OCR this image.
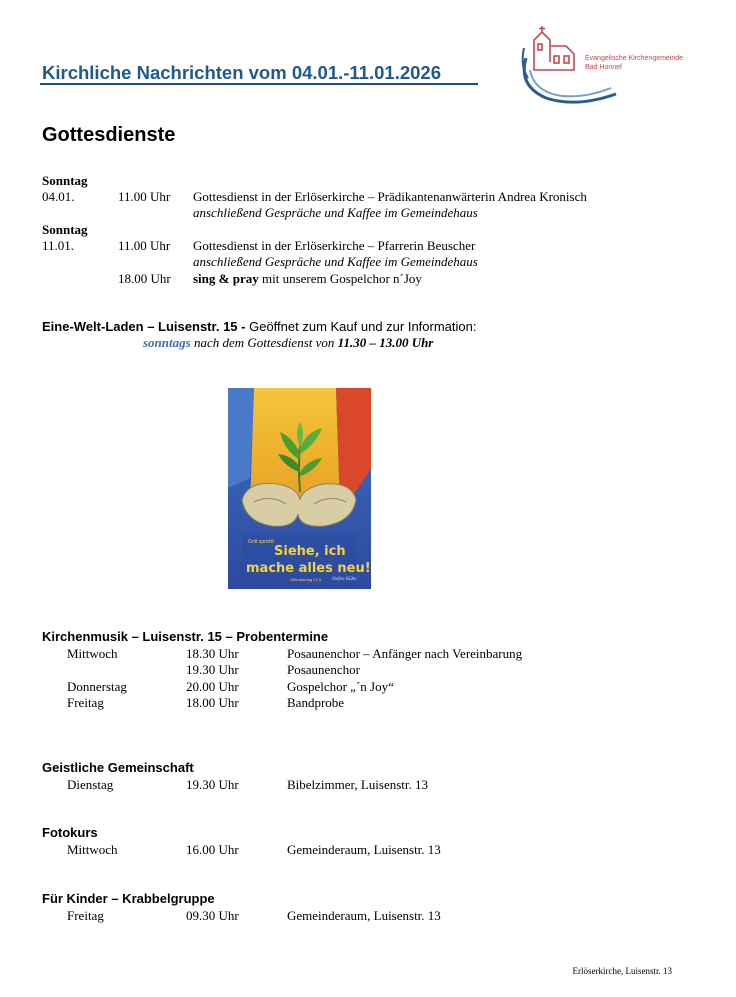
Kirchliche Nachrichten vom 04.01.-11.01.2026
Evangelische Kirchengemeinde
Bad Honnef
Gottesdienste
Sonntag
04.01.	11.00 Uhr Gottesdienst in der Erlöserkirche – Prädikantenanwärterin Andrea Kronisch
anschließend Gespräche und Kaffee im Gemeindehaus
Sonntag
11.01.	11.00 Uhr Gottesdienst in der Erlöserkirche – Pfarrerin Beuscher
anschließend Gespräche und Kaffee im Gemeindehaus
18.00 Uhr sing & pray mit unserem Gospelchor n´Joy
Eine-Welt-Laden – Luisenstr. 15 - Geöffnet zum Kauf und zur Information:
sonntags nach dem Gottesdienst von 11.30 – 13.00 Uhr
Gott spricht:
Siehe, ich
mache alles neu!
Offenbarung 21,5 Stefan Kühn
Kirchenmusik – Luisenstr. 15 – Probentermine
Mittwoch	18.30 Uhr	Posaunenchor – Anfänger nach Vereinbarung
19.30 Uhr	Posaunenchor
Donnerstag	20.00 Uhr	Gospelchor „´n Joy“
Freitag	18.00 Uhr	Bandprobe
Geistliche Gemeinschaft
Dienstag	19.30 Uhr	Bibelzimmer, Luisenstr. 13
Fotokurs
Mittwoch	16.00 Uhr	Gemeinderaum, Luisenstr. 13
Für Kinder – Krabbelgruppe
Freitag	09.30 Uhr	Gemeinderaum, Luisenstr. 13
Erlöserkirche, Luisenstr. 13
